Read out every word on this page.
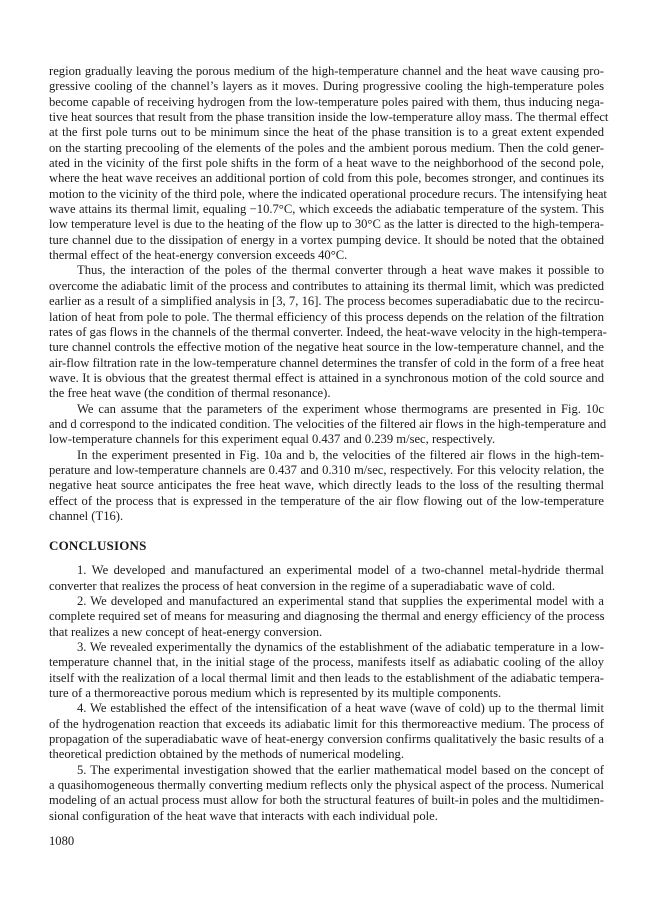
region gradually leaving the porous medium of the high-temperature channel and the heat wave causing pro-
gressive cooling of the channel’s layers as it moves. During progressive cooling the high-temperature poles
become capable of receiving hydrogen from the low-temperature poles paired with them, thus inducing nega-
tive heat sources that result from the phase transition inside the low-temperature alloy mass. The thermal effect
at the first pole turns out to be minimum since the heat of the phase transition is to a great extent expended
on the starting precooling of the elements of the poles and the ambient porous medium. Then the cold gener-
ated in the vicinity of the first pole shifts in the form of a heat wave to the neighborhood of the second pole,
where the heat wave receives an additional portion of cold from this pole, becomes stronger, and continues its
motion to the vicinity of the third pole, where the indicated operational procedure recurs. The intensifying heat
wave attains its thermal limit, equaling −10.7°C, which exceeds the adiabatic temperature of the system. This
low temperature level is due to the heating of the flow up to 30°C as the latter is directed to the high-tempera-
ture channel due to the dissipation of energy in a vortex pumping device. It should be noted that the obtained
thermal effect of the heat-energy conversion exceeds 40°C.
Thus, the interaction of the poles of the thermal converter through a heat wave makes it possible to
overcome the adiabatic limit of the process and contributes to attaining its thermal limit, which was predicted
earlier as a result of a simplified analysis in [3, 7, 16]. The process becomes superadiabatic due to the recircu-
lation of heat from pole to pole. The thermal efficiency of this process depends on the relation of the filtration
rates of gas flows in the channels of the thermal converter. Indeed, the heat-wave velocity in the high-tempera-
ture channel controls the effective motion of the negative heat source in the low-temperature channel, and the
air-flow filtration rate in the low-temperature channel determines the transfer of cold in the form of a free heat
wave. It is obvious that the greatest thermal effect is attained in a synchronous motion of the cold source and
the free heat wave (the condition of thermal resonance).
We can assume that the parameters of the experiment whose thermograms are presented in Fig. 10c
and d correspond to the indicated condition. The velocities of the filtered air flows in the high-temperature and
low-temperature channels for this experiment equal 0.437 and 0.239 m/sec, respectively.
In the experiment presented in Fig. 10a and b, the velocities of the filtered air flows in the high-tem-
perature and low-temperature channels are 0.437 and 0.310 m/sec, respectively. For this velocity relation, the
negative heat source anticipates the free heat wave, which directly leads to the loss of the resulting thermal
effect of the process that is expressed in the temperature of the air flow flowing out of the low-temperature
channel (T16).
CONCLUSIONS
1. We developed and manufactured an experimental model of a two-channel metal-hydride thermal
converter that realizes the process of heat conversion in the regime of a superadiabatic wave of cold.
2. We developed and manufactured an experimental stand that supplies the experimental model with a
complete required set of means for measuring and diagnosing the thermal and energy efficiency of the process
that realizes a new concept of heat-energy conversion.
3. We revealed experimentally the dynamics of the establishment of the adiabatic temperature in a low-
temperature channel that, in the initial stage of the process, manifests itself as adiabatic cooling of the alloy
itself with the realization of a local thermal limit and then leads to the establishment of the adiabatic tempera-
ture of a thermoreactive porous medium which is represented by its multiple components.
4. We established the effect of the intensification of a heat wave (wave of cold) up to the thermal limit
of the hydrogenation reaction that exceeds its adiabatic limit for this thermoreactive medium. The process of
propagation of the superadiabatic wave of heat-energy conversion confirms qualitatively the basic results of a
theoretical prediction obtained by the methods of numerical modeling.
5. The experimental investigation showed that the earlier mathematical model based on the concept of
a quasihomogeneous thermally converting medium reflects only the physical aspect of the process. Numerical
modeling of an actual process must allow for both the structural features of built-in poles and the multidimen-
sional configuration of the heat wave that interacts with each individual pole.
1080
